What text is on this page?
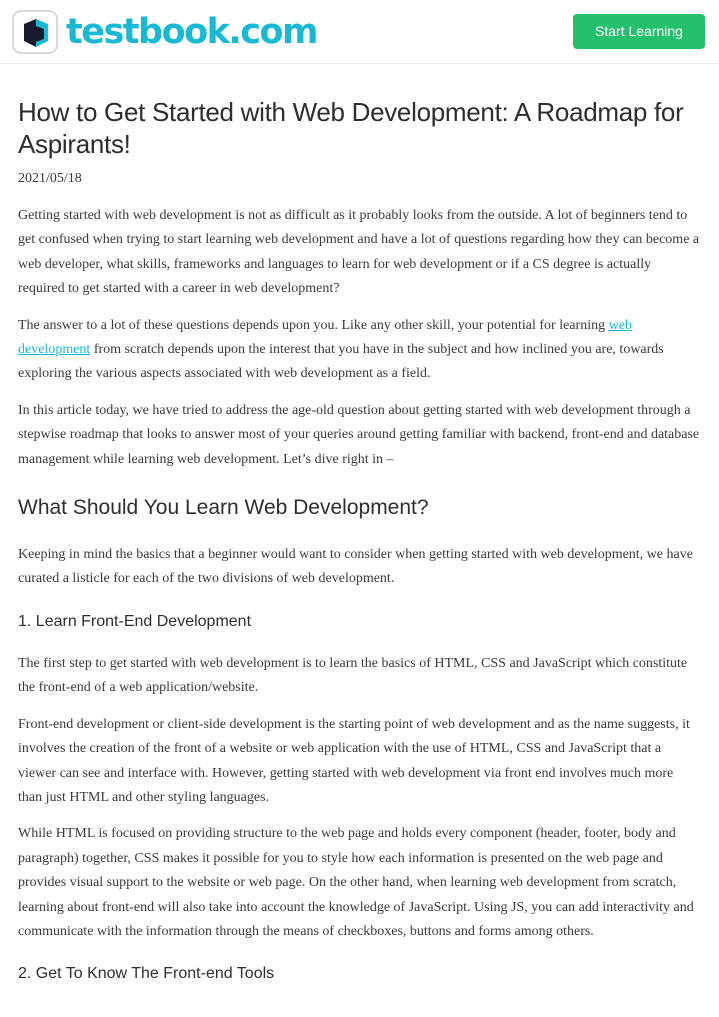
testbook.com	Start Learning
How to Get Started with Web Development: A Roadmap for Aspirants!
2021/05/18

Getting started with web development is not as difficult as it probably looks from the outside. A lot of beginners tend to get confused when trying to start learning web development and have a lot of questions regarding how they can become a web developer, what skills, frameworks and languages to learn for web development or if a CS degree is actually required to get started with a career in web development?

The answer to a lot of these questions depends upon you. Like any other skill, your potential for learning web development from scratch depends upon the interest that you have in the subject and how inclined you are, towards exploring the various aspects associated with web development as a field.

In this article today, we have tried to address the age-old question about getting started with web development through a stepwise roadmap that looks to answer most of your queries around getting familiar with backend, front-end and database management while learning web development. Let’s dive right in –

What Should You Learn Web Development?

Keeping in mind the basics that a beginner would want to consider when getting started with web development, we have curated a listicle for each of the two divisions of web development.

1. Learn Front-End Development

The first step to get started with web development is to learn the basics of HTML, CSS and JavaScript which constitute the front-end of a web application/website.

Front-end development or client-side development is the starting point of web development and as the name suggests, it involves the creation of the front of a website or web application with the use of HTML, CSS and JavaScript that a viewer can see and interface with. However, getting started with web development via front end involves much more than just HTML and other styling languages.

While HTML is focused on providing structure to the web page and holds every component (header, footer, body and paragraph) together, CSS makes it possible for you to style how each information is presented on the web page and provides visual support to the website or web page. On the other hand, when learning web development from scratch, learning about front-end will also take into account the knowledge of JavaScript. Using JS, you can add interactivity and communicate with the information through the means of checkboxes, buttons and forms among others.

2. Get To Know The Front-end Tools
